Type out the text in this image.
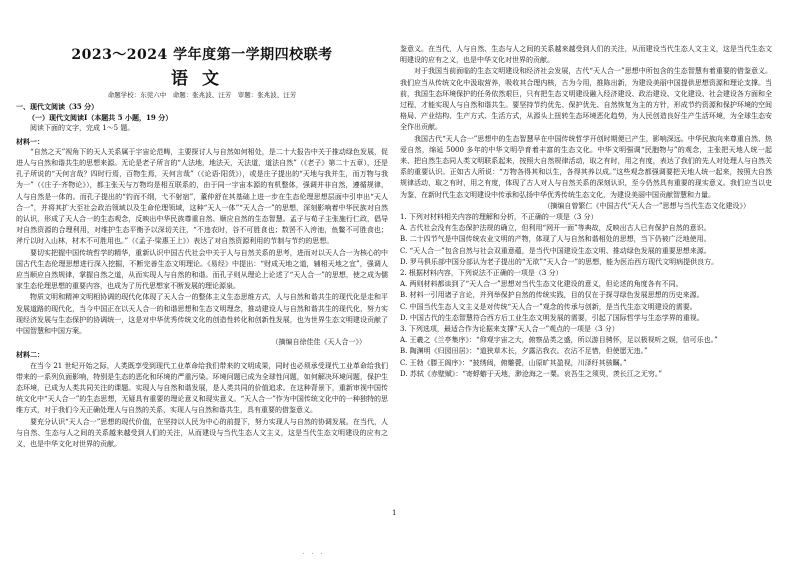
2023～2024 学年度第一学期四校联考
语文
命题学校：东莞六中　命题：张兆波、汪芳　审题：张兆波、汪芳
一、现代文阅读（35 分）
（一）现代文阅读Ⅰ（本题共 5 小题，19 分）

阅读下面的文字，完成 1～5 题。

材料一：

“自然之天”视角下的天人关系属于宇宙论范畴，主要探讨人与自然如何相处，是二十大报告中关于推动绿色发展，促进人与自然和谐共生的思想来源。无论是老子所言的“人法地，地法天，天法道，道法自然”（《老子》第二十五章），还是孔子所说的“天何言哉？四时行焉，百物生焉，天何言哉”（《论语·阳货》），或是庄子提出的“天地与我并生，而万物与我为一”（《庄子·齐物论》），都主张天与万物均是相互联系的，由于同一宇宙本源的有机整体，强调并非自然，遵循规律，人与自然是一体的。而孔子提出的“钓而不纲，弋不射宿”，董仲舒在其基础上进一步在生态伦理思想层面中引申出“天人合一”，并将其扩大至社会政治领域以及生命伦理领域，这种“天人一体”“天人合一”的思想，深刻影响着中华民族对自然的认识，形成了天人合一的生态观念，反映出中华民族尊重自然、顺应自然的生态智慧。孟子与荀子主张施行仁政，倡导对自然资源的合理利用，对维护生态平衡予以深切关注，“不违农时，谷不可胜食也；数罟不入洿池，鱼鳖不可胜食也；斧斤以时入山林，材木不可胜用也。”（《孟子·梁惠王上》）表达了对自然资源利用的节制与节约的思想。

要切实把握中国传统哲学的精华，重新认识中国古代社会中关于人与自然关系的思考，进而对以天人合一为核心的中国古代生态伦理思想进行深入挖掘，不断完善生态文明理论。《易经》中提出：“财成天地之道，辅相天地之宜”，强调人应当顺应自然规律，掌握自然之道，从而实现人与自然的和谐。而孔子则从理论上论述了“天人合一”的思想，使之成为儒家生态伦理思想的重要内容，也成为了历代思想家不断发展的理论源泉。

物质文明和精神文明相协调的现代化体现了天人合一的整体主义生态思维方式，人与自然和谐共生的现代化是走和平发展道路的现代化，当今中国正在以天人合一的和谐思想和生态文明理念，推动建设人与自然和谐共生的现代化，努力实现经济发展与生态保护的协调统一，这是对中华优秀传统文化的创造性转化和创新性发展，也为世界生态文明建设贡献了中国智慧和中国方案。

（摘编自徐佳佳《天人合一》）

材料二：

在当今 21 世纪开始之际，人类既享受到现代工业革命给我们带来的文明成果，同时也必须承受现代工业革命给我们带来的一系列负面影响，特别是生态的恶化和环境的严重污染。环境问题已成为全球性问题，如何解决环境问题，保护生态环境，已成为人类共同关注的课题。实现人与自然和谐发展，是人类共同的价值追求。在这种背景下，重新审视中国传统文化中“天人合一”的生态思想，无疑具有重要的理论意义和现实意义。“天人合一”作为中国传统文化中的一种独特的思维方式，对于我们今天正确处理人与自然的关系，实现人与自然和谐共生，具有重要的借鉴意义。

要充分认识“天人合一”思想的现代价值，在坚持以人民为中心的前提下，努力实现人与自然的协调发展。在当代，人与自然、生态与人之间的关系越来越受到人们的关注，从而建设与当代生态人文主义，这是当代生态文明建设的应有之义，也是中华文化对世界的贡献。

鉴意义。在当代，人与自然、生态与人之间的关系越来越受到人们的关注，从而建设当代生态人文主义，这是当代生态文明建设的应有之义，也是中华文化对世界的贡献。

对于我国当前面临的生态文明建设和经济社会发展，古代“天人合一”思想中所包含的生态智慧有着重要的借鉴意义。我们应当从传统文化中汲取营养，吸收其合理内核，古为今用，推陈出新，为建设美丽中国提供思想资源和理论支撑。当前，我国生态环境保护的任务依然艰巨，只有把生态文明建设融入经济建设、政治建设、文化建设、社会建设各方面和全过程，才能实现人与自然和谐共生。要坚持节约优先、保护优先、自然恢复为主的方针，形成节约资源和保护环境的空间格局、产业结构、生产方式、生活方式，从源头上扭转生态环境恶化趋势，为人民创造良好生产生活环境，为全球生态安全作出贡献。

我国古代“天人合一”思想中的生态智慧早在中国传统哲学开创时期便已产生，影响深远。中华民族向来尊重自然、热爱自然，绵延 5000 多年的中华文明孕育着丰富的生态文化。中华文明强调“民胞物与”的观念，主张把天地人统一起来、把自然生态同人类文明联系起来，按照大自然规律活动，取之有时，用之有度，表达了我们的先人对处理人与自然关系的重要认识。正如古人所说：“万物各得其和以生，各得其养以成。”这些观念都强调要把天地人统一起来，按照大自然规律活动，取之有时，用之有度，体现了古人对人与自然关系的深刻认识，至今仍然具有重要的现实意义。我们应当以史为鉴，在新时代生态文明建设中传承和弘扬中华优秀传统生态文化，为建设美丽中国贡献智慧和力量。

（摘编自曾繁仁《中国古代“天人合一”思想与当代生态文化建设》）

1. 下列对材料相关内容的理解和分析，不正确的一项是（3 分）

A. 古代社会没有生态保护法规的确立，但利用“网开一面”等典故，反映出古人已有保护自然的意识。

B. 二十四节气是中国传统农业文明的产物，体现了人与自然和谐相处的思想，当下仍被广泛地使用。

C. “天人合一”包含自然与社会双重意蕴，是当代中国建设生态文明、推动绿色发展的重要思想来源。

D. 罗马俱乐部中国分部认为老子提出的“无欲”“天人合一”的思想，能为医治西方现代文明病提供良方。

2. 根据材料内容，下列说法不正确的一项是（3 分）

A. 两则材料都谈到了“天人合一”思想对当代生态文化建设的意义，但论述的角度各有不同。

B. 材料一引用诸子言论，并列举保护自然的传统实践，目的仅在于探寻绿色发展思想的历史来源。

C. 中国当代生态人文主义是对传统“天人合一”观念的传承与创新，是当代生态文明建设的需要。

D. 中国古代的生态智慧符合西方后工业生态文明发展的需要，引起了国际哲学与生态学界的重视。

3. 下列选项，最适合作为论据来支撑“天人合一”观点的一项是（3 分）

A. 王羲之《兰亭集序》：“仰观宇宙之大，俯察品类之盛，所以游目骋怀，足以极视听之娱，信可乐也。”

B. 陶渊明《归园田居》：“道狭草木长，夕露沾我衣。衣沾不足惜，但使愿无违。”

C. 王勃《滕王阁序》：“披绣闼，俯雕甍，山原旷其盈视，川泽纡其骇瞩。”

D. 苏轼《赤壁赋》：“寄蜉蝣于天地，渺沧海之一粟。哀吾生之须臾，羡长江之无穷。”

1
. . .
